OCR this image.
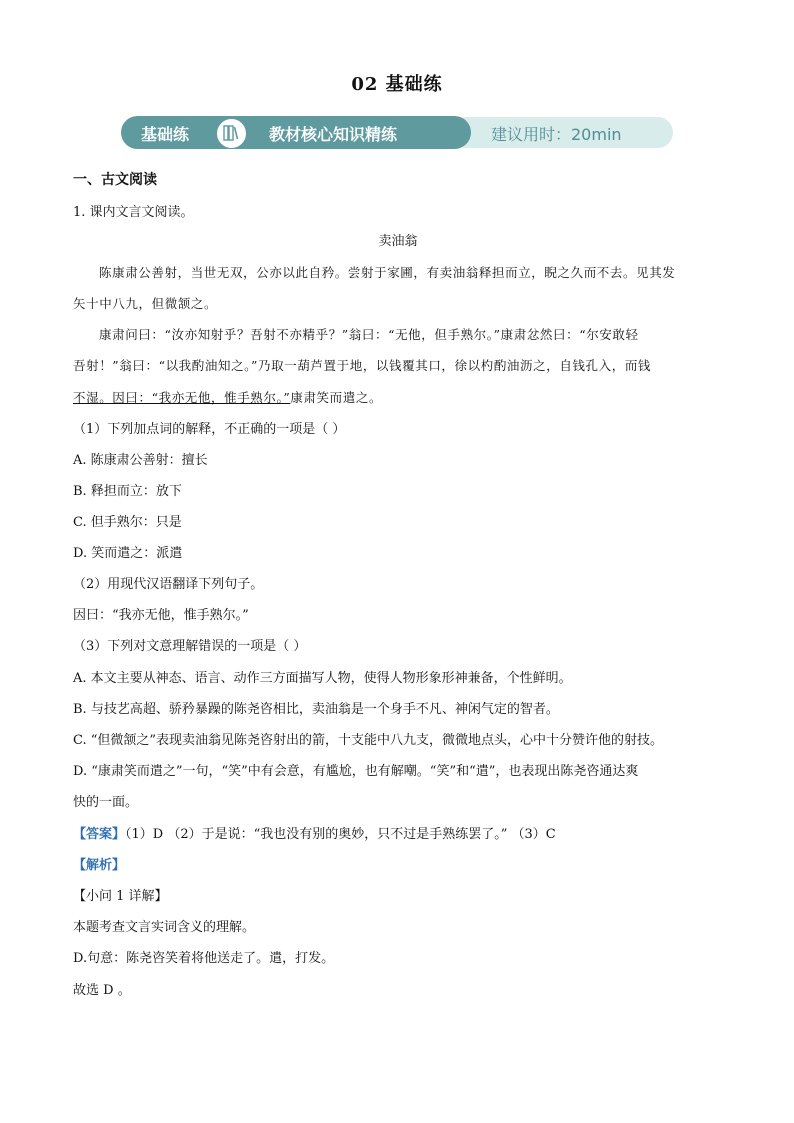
02 基础练
基础练	教材核心知识精练	建议用时：20min
一、古文阅读
1. 课内文言文阅读。
卖油翁
陈康肃公善射，当世无双，公亦以此自矜。尝射于家圃，有卖油翁释担而立，睨之久而不去。见其发
矢十中八九，但微颔之。
康肃问曰：“汝亦知射乎？吾射不亦精乎？”翁曰：“无他，但手熟尔。”康肃忿然曰：“尔安敢轻
吾射！”翁曰：“以我酌油知之。”乃取一葫芦置于地，以钱覆其口，徐以杓酌油沥之，自钱孔入，而钱
不湿。因曰：“我亦无他，惟手熟尔。”康肃笑而遣之。
（1）下列加点词的解释，不正确的一项是（ ）
A. 陈康肃公善射：擅长
B. 释担而立：放下
C. 但手熟尔：只是
D. 笑而遣之：派遣
（2）用现代汉语翻译下列句子。
因曰：“我亦无他，惟手熟尔。”
（3）下列对文意理解错误的一项是（ ）
A. 本文主要从神态、语言、动作三方面描写人物，使得人物形象形神兼备，个性鲜明。
B. 与技艺高超、骄矜暴躁的陈尧咨相比，卖油翁是一个身手不凡、神闲气定的智者。
C. “但微颔之”表现卖油翁见陈尧咨射出的箭，十支能中八九支，微微地点头，心中十分赞许他的射技。
D. “康肃笑而遣之”一句，“笑”中有会意，有尴尬，也有解嘲。“笑”和“遣”，也表现出陈尧咨通达爽
快的一面。
【答案】（1）D （2）于是说：“我也没有别的奥妙，只不过是手熟练罢了。” （3）C
【解析】
【小问 1 详解】
本题考查文言实词含义的理解。
D.句意：陈尧咨笑着将他送走了。遣，打发。
故选 D 。
